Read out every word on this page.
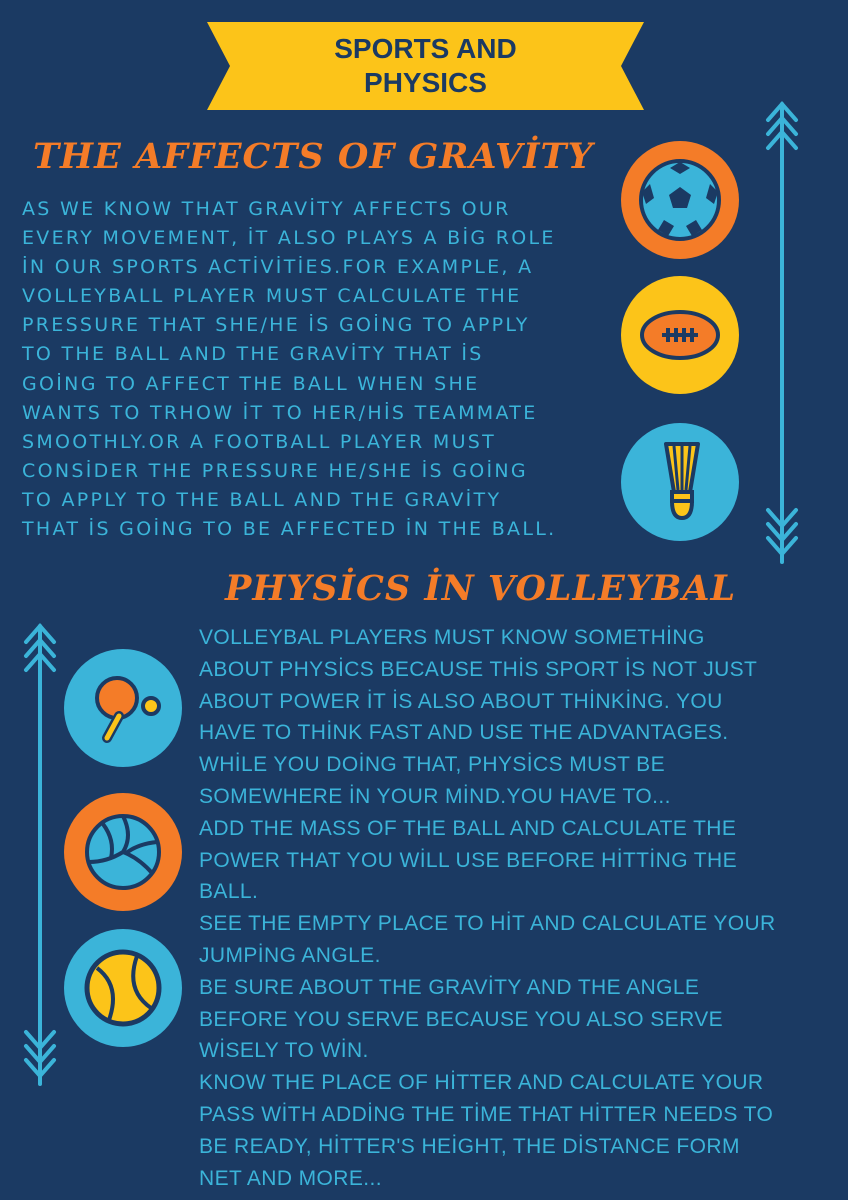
SPORTS AND
PHYSICS
THE AFFECTS OF GRAVİTY
AS WE KNOW THAT GRAVİTY AFFECTS OUR
EVERY MOVEMENT, İT ALSO PLAYS A BİG ROLE
İN OUR SPORTS ACTİVİTİES.FOR EXAMPLE, A
VOLLEYBALL PLAYER MUST CALCULATE THE
PRESSURE THAT SHE/HE İS GOİNG TO APPLY
TO THE BALL AND THE GRAVİTY THAT İS
GOİNG TO AFFECT THE BALL WHEN SHE
WANTS TO TRHOW İT TO HER/HİS TEAMMATE
SMOOTHLY.OR A FOOTBALL PLAYER MUST
CONSİDER THE PRESSURE HE/SHE İS GOİNG
TO APPLY TO THE BALL AND THE GRAVİTY
THAT İS GOİNG TO BE AFFECTED İN THE BALL.
PHYSİCS İN VOLLEYBAL
VOLLEYBAL PLAYERS MUST KNOW SOMETHİNG
ABOUT PHYSİCS BECAUSE THİS SPORT İS NOT JUST
ABOUT POWER İT İS ALSO ABOUT THİNKİNG. YOU
HAVE TO THİNK FAST AND USE THE ADVANTAGES.
WHİLE YOU DOİNG THAT, PHYSİCS MUST BE
SOMEWHERE İN YOUR MİND.YOU HAVE TO...
ADD THE MASS OF THE BALL AND CALCULATE THE
POWER THAT YOU WİLL USE BEFORE HİTTİNG THE
BALL.
SEE THE EMPTY PLACE TO HİT AND CALCULATE YOUR
JUMPİNG ANGLE.
BE SURE ABOUT THE GRAVİTY AND THE ANGLE
BEFORE YOU SERVE BECAUSE YOU ALSO SERVE
WİSELY TO WİN.
KNOW THE PLACE OF HİTTER AND CALCULATE YOUR
PASS WİTH ADDİNG THE TİME THAT HİTTER NEEDS TO
BE READY, HİTTER'S HEİGHT, THE DİSTANCE FORM
NET AND MORE...
